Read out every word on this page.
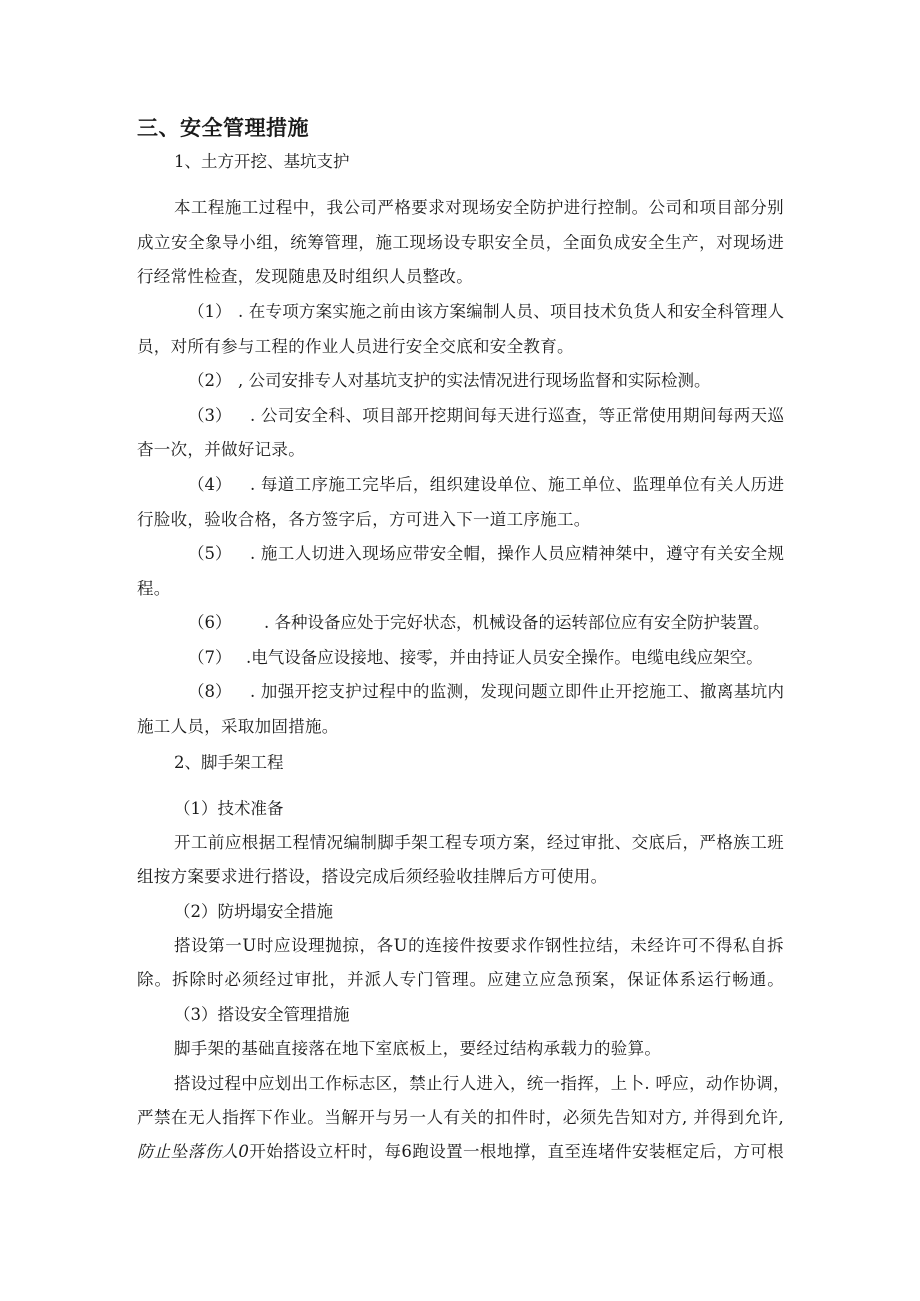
三、安全管理措施
1、土方开挖、基坑支护
本工程施工过程中，我公司严格要求对现场安全防护进行控制。公司和项目部分别
成立安全象导小组，统筹管理，施工现场设专职安全员，全面负成安全生产，对现场进
行经常性检查，发现随患及时组织人员整改。
（1） . 在专项方案实施之前由该方案编制人员、项目技术负货人和安全科管理人
员，对所有参与工程的作业人员进行安全交底和安全教育。
（2） , 公司安排专人对基坑支护的实法情况进行现场监督和实际检测。
（3） . 公司安全科、项目部开挖期间每天进行巡查，等正常使用期间每两天巡
杳一次，并做好记录。
（4） . 每道工序施工完毕后，组织建设单位、施工单位、监理单位有关人历进
行脸收，验收合格，各方签字后，方可进入下一道工序施工。
（5） . 施工人切进入现场应带安全帽，操作人员应精神桀中，遵守有关安全规
程。
（6） . 各种设备应处于完好状态，机械设备的运转部位应有安全防护装置。
（7） .电气设备应设接地、接零，并由持证人员安全操作。电缆电线应架空。
（8） . 加强开挖支护过程中的监测，发现问题立即件止开挖施工、撤离基坑内
施工人员，采取加固措施。
2、脚手架工程
（1）技术准备
开工前应根据工程情况编制脚手架工程专项方案，经过审批、交底后，严格族工班
组按方案要求进行搭设，搭设完成后须经验收挂牌后方可使用。
（2）防坍塌安全措施
搭设第一U时应设理抛掠，各U的连接件按要求作钢性拉结，未经许可不得私自拆
除。拆除时必须经过审批，并派人专门管理。应建立应急预案，保证体系运行畅通。
（3）搭设安全管理措施
脚手架的基础直接落在地下室底板上，要经过结构承载力的验算。
搭设过程中应划出工作标志区，禁止行人进入，统一指挥，上卜. 呼应，动作协调，
严禁在无人指挥下作业。当解开与另一人有关的扣件时，必须先告知对方, 并得到允许,
防止坠落伤人0开始搭设立杆时，每6跑设置一根地撑，直至连堵件安装框定后，方可根
